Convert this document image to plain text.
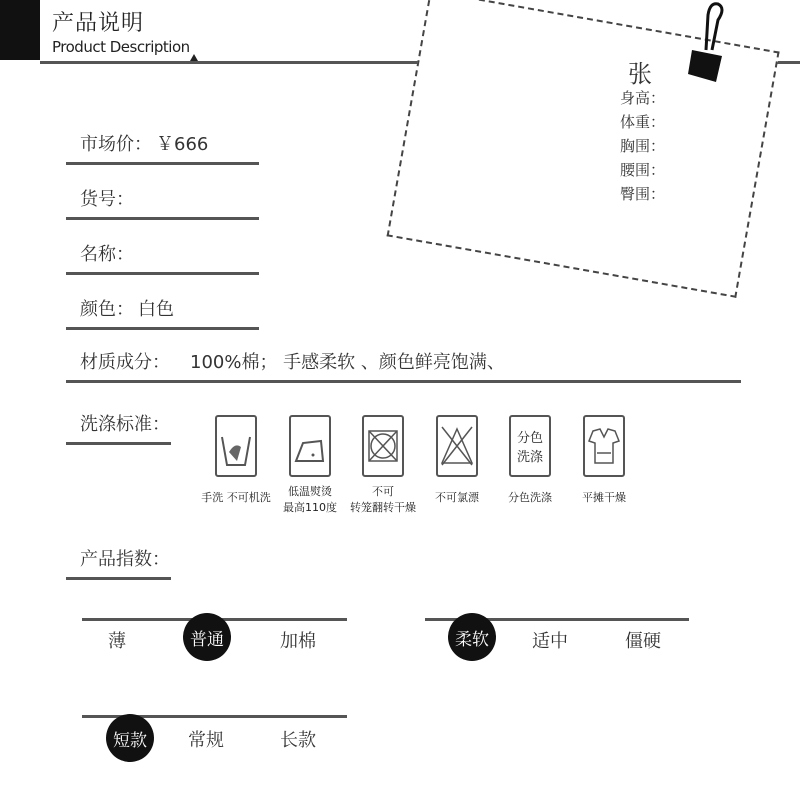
产品说明
Product Description
市场价： ￥666
货号：
名称：
颜色： 白色
材质成分： 100%棉； 手感柔软 、颜色鲜亮饱满、
张
身高：
体重：
胸围：
腰围：
臀围：
洗涤标准：
分色
洗涤
手洗 不可机洗	低温熨烫
最高110度
不可
转笼翻转干燥
不可氯漂	分色洗涤	平摊干燥
产品指数：
薄	普通	加棉	柔软	适中	僵硬
短款	常规	长款
